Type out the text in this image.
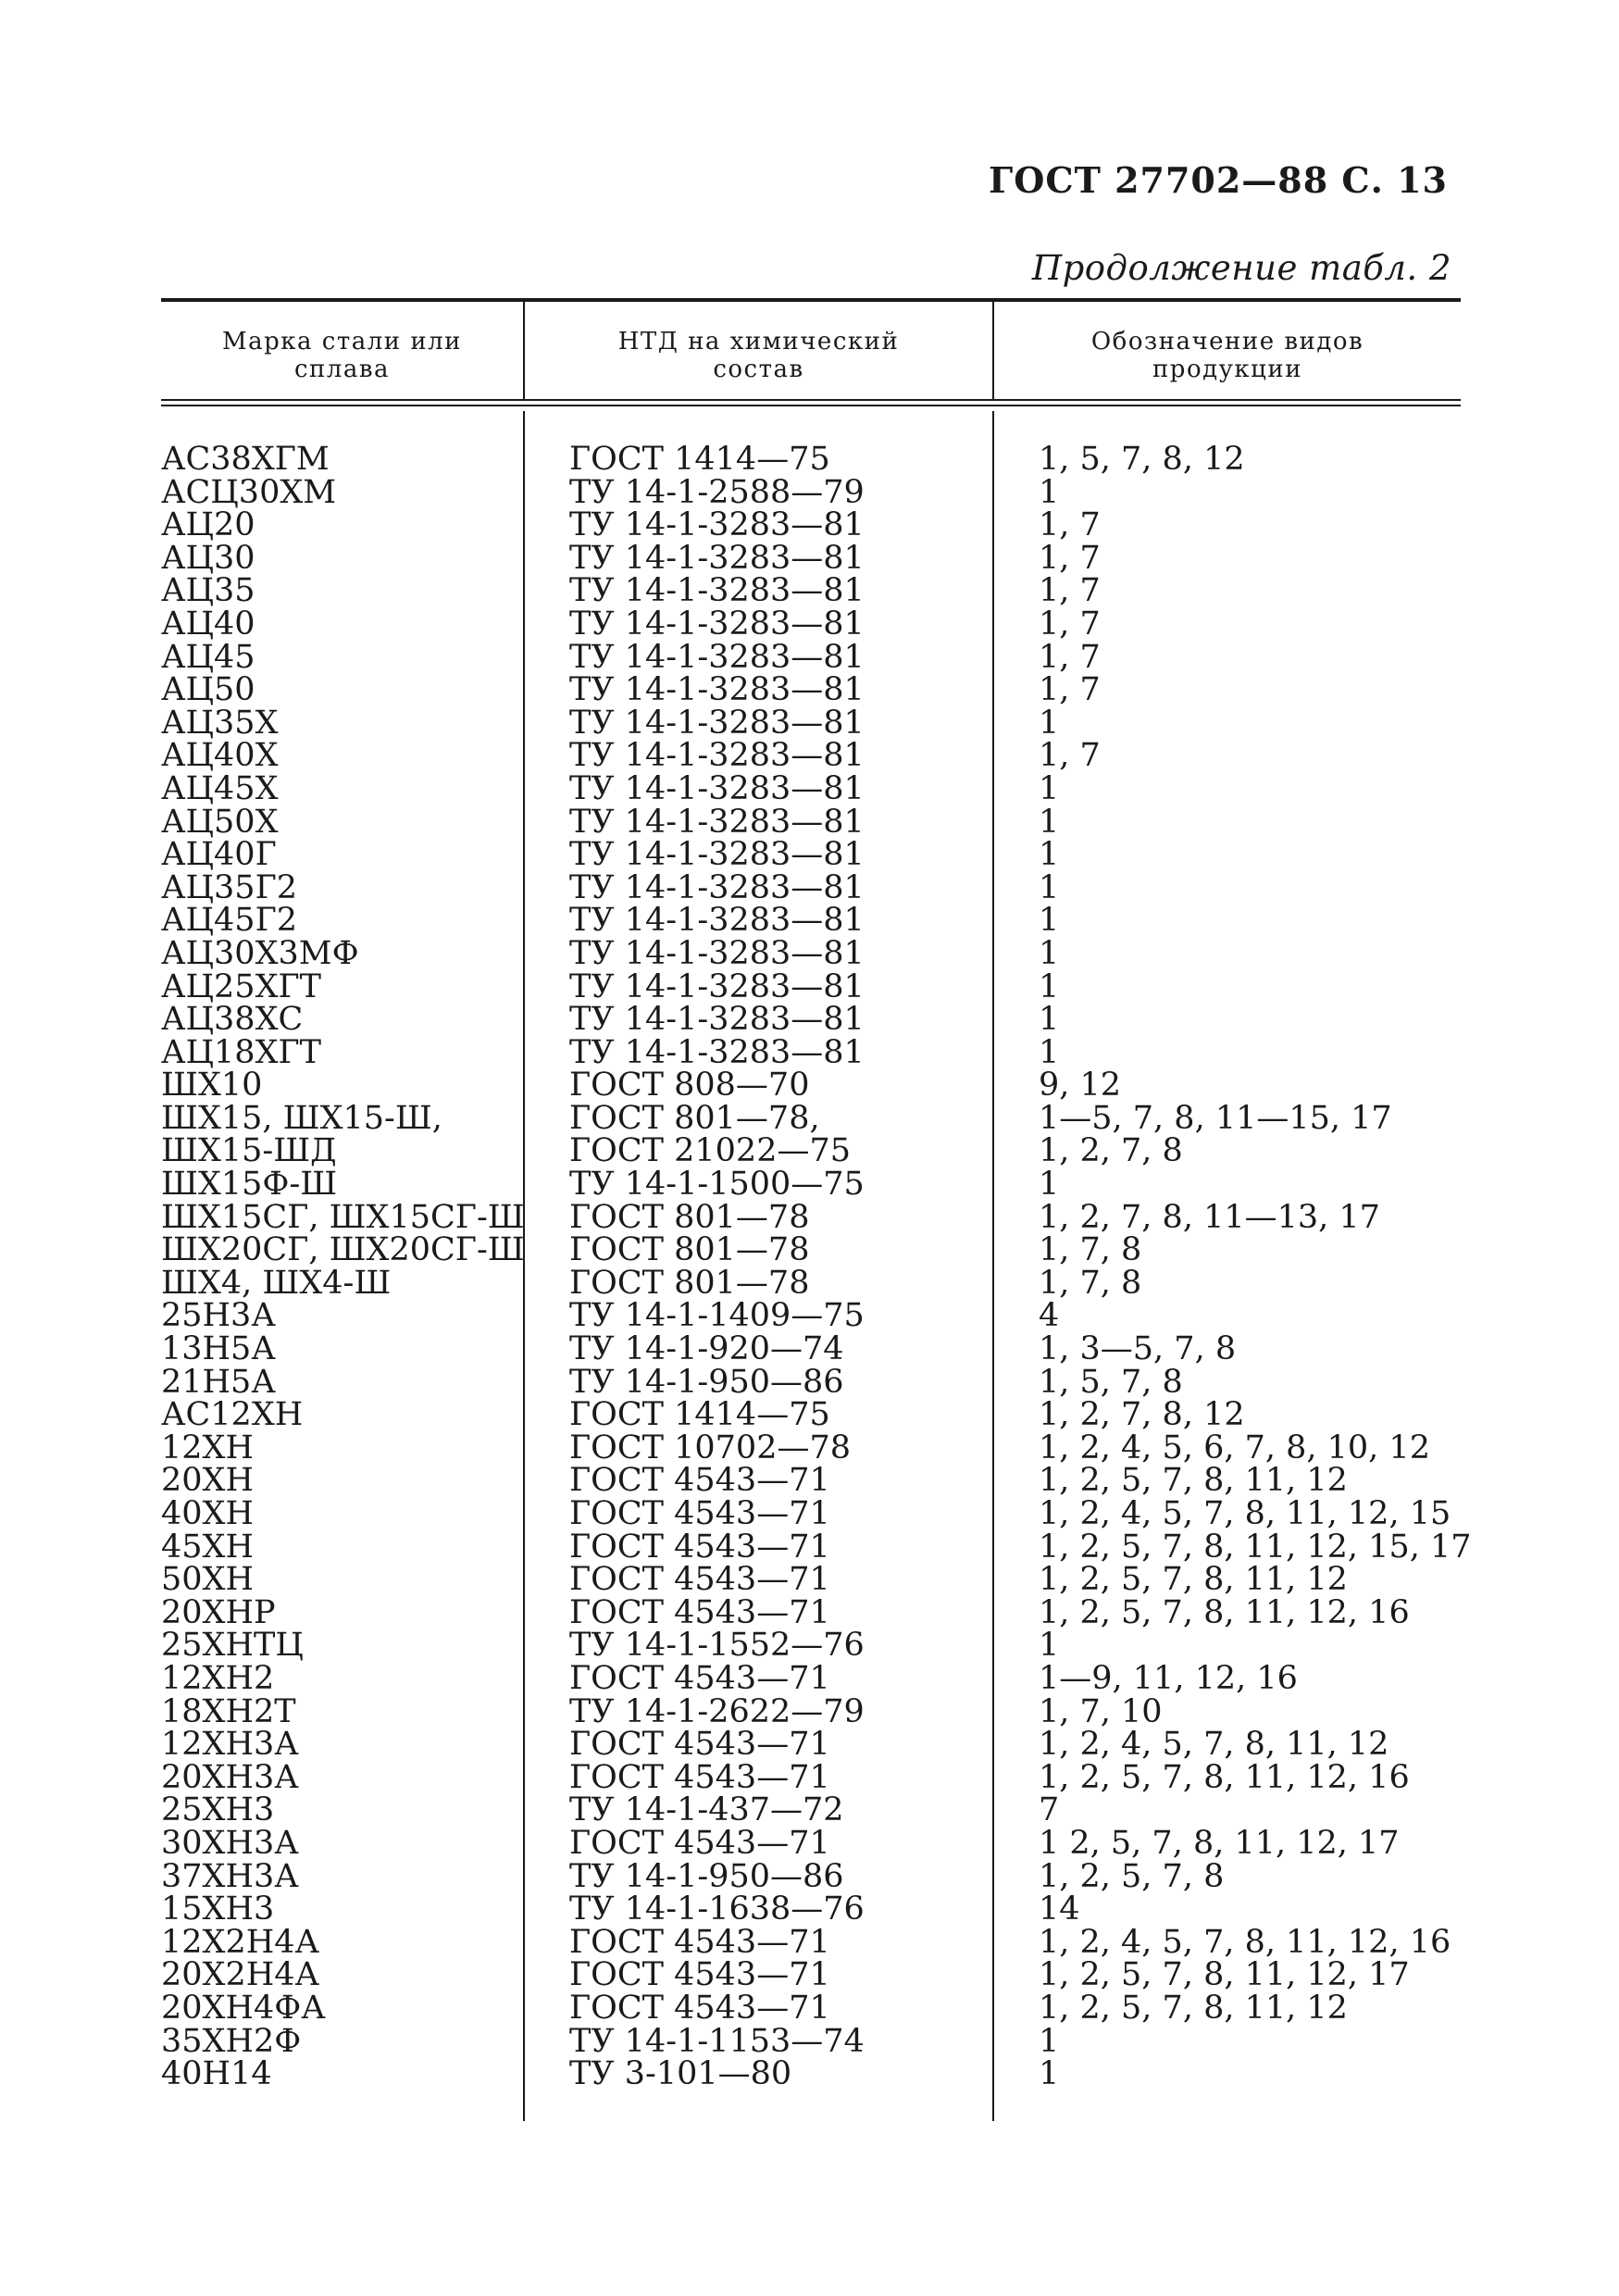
ГОСТ 27702—88 С. 13
Продолжение табл. 2
Марка стали или
сплава
НТД на химический
состав
Обозначение видов
продукции
АС38ХГМ	ГОСТ 1414—75	1, 5, 7, 8, 12
АСЦ30ХМ	ТУ 14-1-2588—79	1
АЦ20	ТУ 14-1-3283—81	1, 7
АЦ30	ТУ 14-1-3283—81	1, 7
АЦ35	ТУ 14-1-3283—81	1, 7
АЦ40	ТУ 14-1-3283—81	1, 7
АЦ45	ТУ 14-1-3283—81	1, 7
АЦ50	ТУ 14-1-3283—81	1, 7
АЦ35Х	ТУ 14-1-3283—81	1
АЦ40Х	ТУ 14-1-3283—81	1, 7
АЦ45Х	ТУ 14-1-3283—81	1
АЦ50Х	ТУ 14-1-3283—81	1
АЦ40Г	ТУ 14-1-3283—81	1
АЦ35Г2	ТУ 14-1-3283—81	1
АЦ45Г2	ТУ 14-1-3283—81	1
АЦ30Х3МФ	ТУ 14-1-3283—81	1
АЦ25ХГТ	ТУ 14-1-3283—81	1
АЦ38ХС	ТУ 14-1-3283—81	1
АЦ18ХГТ	ТУ 14-1-3283—81	1
ШХ10	ГОСТ 808—70	9, 12
ШХ15, ШХ15-Ш,	ГОСТ 801—78,	1—5, 7, 8, 11—15, 17
ШХ15-ШД	ГОСТ 21022—75	1, 2, 7, 8
ШХ15Ф-Ш	ТУ 14-1-1500—75	1
ШХ15СГ, ШХ15СГ-Ш ГОСТ 801—78	1, 2, 7, 8, 11—13, 17
ШХ20СГ, ШХ20СГ-Ш ГОСТ 801—78	1, 7, 8
ШХ4, ШХ4-Ш	ГОСТ 801—78	1, 7, 8
25Н3А	ТУ 14-1-1409—75	4
13Н5А	ТУ 14-1-920—74	1, 3—5, 7, 8
21Н5А	ТУ 14-1-950—86	1, 5, 7, 8
АС12ХН	ГОСТ 1414—75	1, 2, 7, 8, 12
12ХН	ГОСТ 10702—78	1, 2, 4, 5, 6, 7, 8, 10, 12
20ХН	ГОСТ 4543—71	1, 2, 5, 7, 8, 11, 12
40ХН	ГОСТ 4543—71	1, 2, 4, 5, 7, 8, 11, 12, 15
45ХН	ГОСТ 4543—71	1, 2, 5, 7, 8, 11, 12, 15, 17
50ХН	ГОСТ 4543—71	1, 2, 5, 7, 8, 11, 12
20ХНР	ГОСТ 4543—71	1, 2, 5, 7, 8, 11, 12, 16
25ХНТЦ	ТУ 14-1-1552—76	1
12ХН2	ГОСТ 4543—71	1—9, 11, 12, 16
18ХН2Т	ТУ 14-1-2622—79	1, 7, 10
12ХН3А	ГОСТ 4543—71	1, 2, 4, 5, 7, 8, 11, 12
20ХН3А	ГОСТ 4543—71	1, 2, 5, 7, 8, 11, 12, 16
25ХН3	ТУ 14-1-437—72	7
30ХН3А	ГОСТ 4543—71	1 2, 5, 7, 8, 11, 12, 17
37ХН3А	ТУ 14-1-950—86	1, 2, 5, 7, 8
15ХН3	ТУ 14-1-1638—76	14
12Х2Н4А	ГОСТ 4543—71	1, 2, 4, 5, 7, 8, 11, 12, 16
20Х2Н4А	ГОСТ 4543—71	1, 2, 5, 7, 8, 11, 12, 17
20ХН4ФА	ГОСТ 4543—71	1, 2, 5, 7, 8, 11, 12
35ХН2Ф	ТУ 14-1-1153—74	1
40Н14	ТУ 3-101—80	1
